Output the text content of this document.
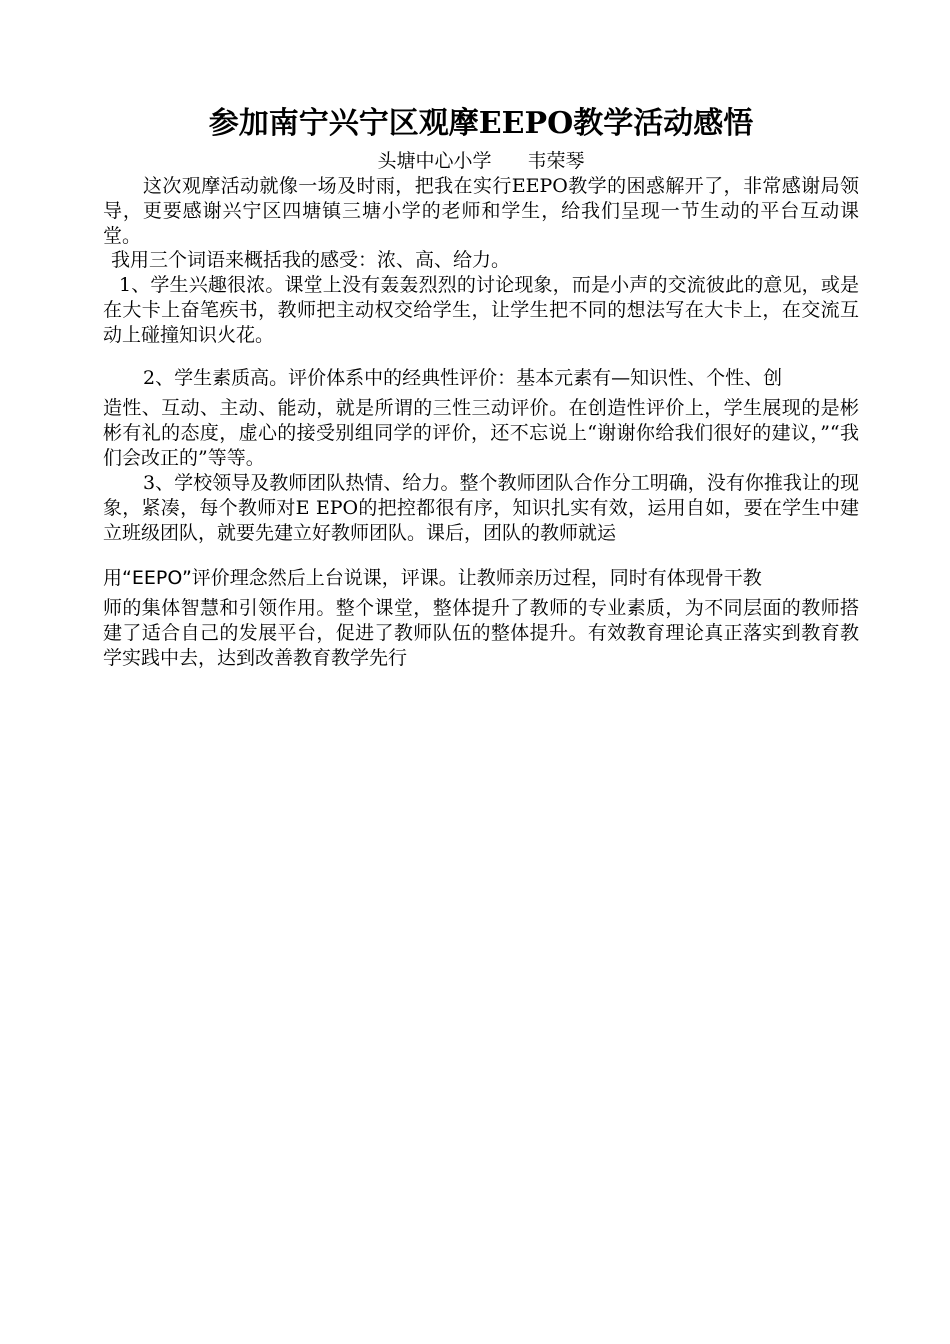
参加南宁兴宁区观摩EEPO教学活动感悟
头塘中心小学 韦荣琴
这次观摩活动就像一场及时雨，把我在实行EEPO教学的困惑解开了，非常感谢局领导，更要感谢兴宁区四塘镇三塘小学的老师和学生，给我们呈现一节生动的平台互动课堂。
我用三个词语来概括我的感受：浓、高、给力。
1、学生兴趣很浓。课堂上没有轰轰烈烈的讨论现象，而是小声的交流彼此的意见，或是在大卡上奋笔疾书，教师把主动权交给学生，让学生把不同的想法写在大卡上，在交流互动上碰撞知识火花。
2、学生素质高。评价体系中的经典性评价：基本元素有—知识性、个性、创
造性、互动、主动、能动，就是所谓的三性三动评价。在创造性评价上，学生展现的是彬彬有礼的态度，虚心的接受别组同学的评价，还不忘说上“谢谢你给我们很好的建议，”“我们会改正的”等等。
3、学校领导及教师团队热情、给力。整个教师团队合作分工明确，没有你推我让的现象，紧凑，每个教师对E EPO的把控都很有序，知识扎实有效，运用自如，要在学生中建立班级团队，就要先建立好教师团队。课后，团队的教师就运
用“EEPO”评价理念然后上台说课，评课。让教师亲历过程，同时有体现骨干教
师的集体智慧和引领作用。整个课堂，整体提升了教师的专业素质，为不同层面的教师搭建了适合自己的发展平台，促进了教师队伍的整体提升。有效教育理论真正落实到教育教学实践中去，达到改善教育教学先行
